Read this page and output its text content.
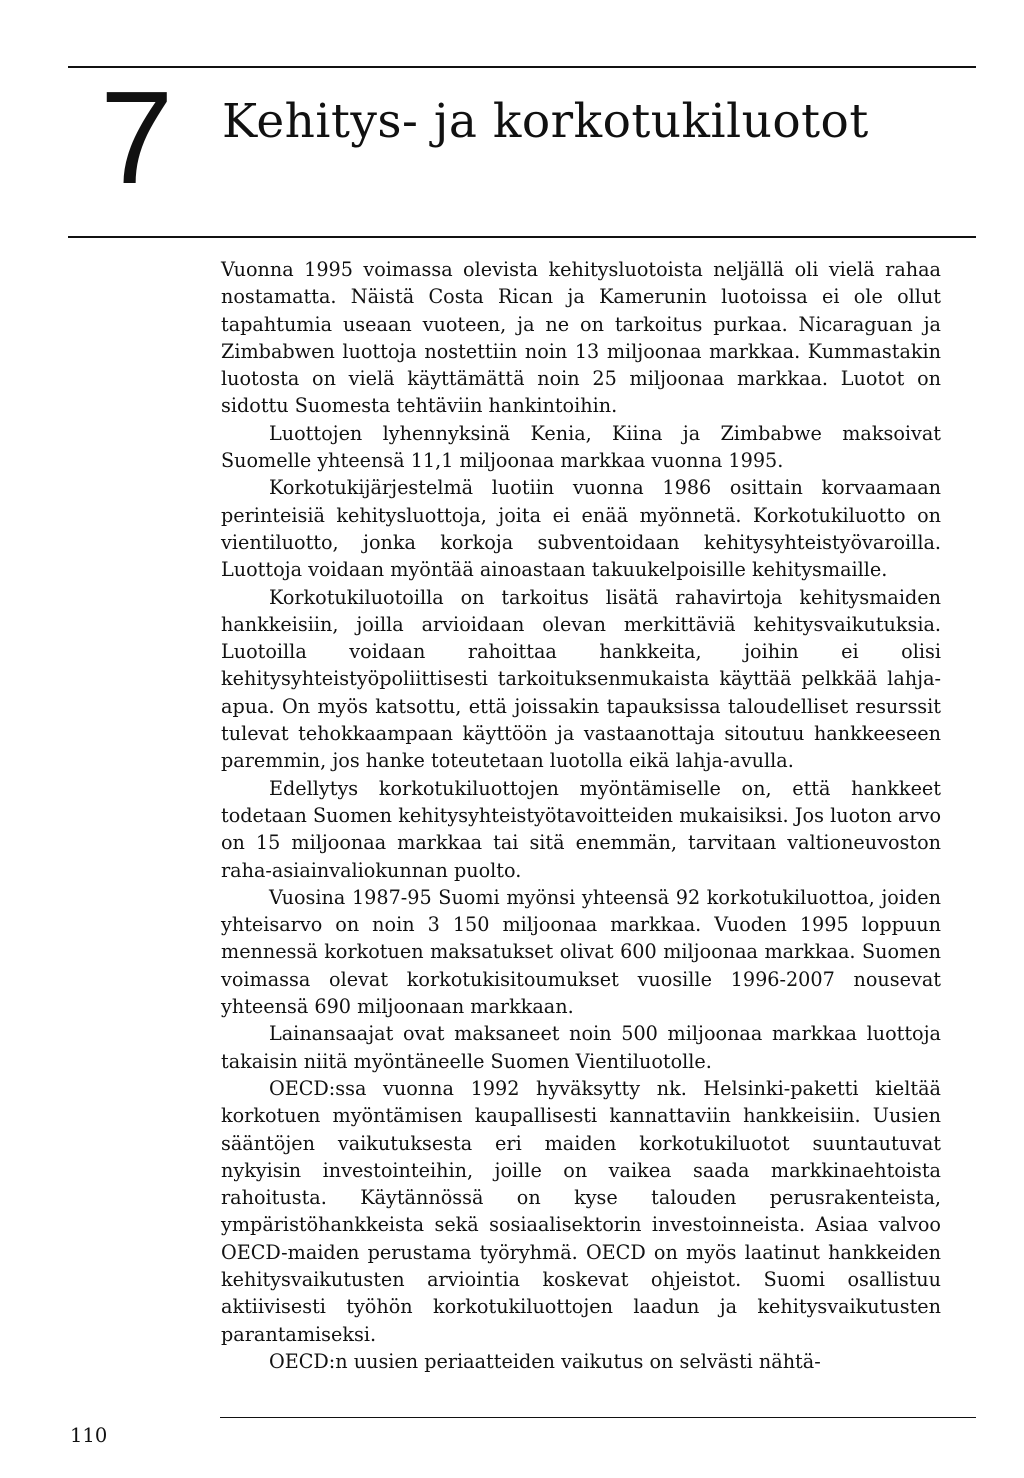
7 Kehitys- ja korkotukiluotot

Vuonna 1995 voimassa olevista kehitysluotoista neljällä oli vielä rahaa nostamatta. Näistä Costa Rican ja Kamerunin luotoissa ei ole ollut tapahtumia useaan vuoteen, ja ne on tarkoitus purkaa. Nicaraguan ja Zimbabwen luottoja nostettiin noin 13 miljoonaa markkaa. Kummastakin luotosta on vielä käyttämättä noin 25 miljoonaa markkaa. Luotot on sidottu Suomesta tehtäviin hankintoihin.

Luottojen lyhennyksinä Kenia, Kiina ja Zimbabwe maksoivat Suomelle yhteensä 11,1 miljoonaa markkaa vuonna 1995.

Korkotukijärjestelmä luotiin vuonna 1986 osittain korvaamaan perinteisiä kehitysluottoja, joita ei enää myönnetä. Korkotukiluotto on vientiluotto, jonka korkoja subventoidaan kehitysyhteistyövaroilla. Luottoja voidaan myöntää ainoastaan takuukelpoisille kehitysmaille.

Korkotukiluotoilla on tarkoitus lisätä rahavirtoja kehitysmaiden hankkeisiin, joilla arvioidaan olevan merkittäviä kehitysvaikutuksia. Luotoilla voidaan rahoittaa hankkeita, joihin ei olisi kehitysyhteistyöpoliittisesti tarkoituksenmukaista käyttää pelkkää lahja-apua. On myös katsottu, että joissakin tapauksissa taloudelliset resurssit tulevat tehokkaampaan käyttöön ja vastaanottaja sitoutuu hankkeeseen paremmin, jos hanke toteutetaan luotolla eikä lahja-avulla.

Edellytys korkotukiluottojen myöntämiselle on, että hankkeet todetaan Suomen kehitysyhteistyötavoitteiden mukaisiksi. Jos luoton arvo on 15 miljoonaa markkaa tai sitä enemmän, tarvitaan valtioneuvoston raha-asiainvaliokunnan puolto.

Vuosina 1987-95 Suomi myönsi yhteensä 92 korkotukiluottoa, joiden yhteisarvo on noin 3 150 miljoonaa markkaa. Vuoden 1995 loppuun mennessä korkotuen maksatukset olivat 600 miljoonaa markkaa. Suomen voimassa olevat korkotukisitoumukset vuosille 1996-2007 nousevat yhteensä 690 miljoonaan markkaan.

Lainansaajat ovat maksaneet noin 500 miljoonaa markkaa luottoja takaisin niitä myöntäneelle Suomen Vientiluotolle.

OECD:ssa vuonna 1992 hyväksytty nk. Helsinki-paketti kieltää korkotuen myöntämisen kaupallisesti kannattaviin hankkeisiin. Uusien sääntöjen vaikutuksesta eri maiden korkotukiluotot suuntautuvat nykyisin investointeihin, joille on vaikea saada markkinaehtoista rahoitusta. Käytännössä on kyse talouden perusrakenteista, ympäristöhankkeista sekä sosiaalisektorin investoinneista. Asiaa valvoo OECD-maiden perustama työryhmä. OECD on myös laatinut hankkeiden kehitysvaikutusten arviointia koskevat ohjeistot. Suomi osallistuu aktiivisesti työhön korkotukiluottojen laadun ja kehitysvaikutusten parantamiseksi.

OECD:n uusien periaatteiden vaikutus on selvästi nähtä-

110
